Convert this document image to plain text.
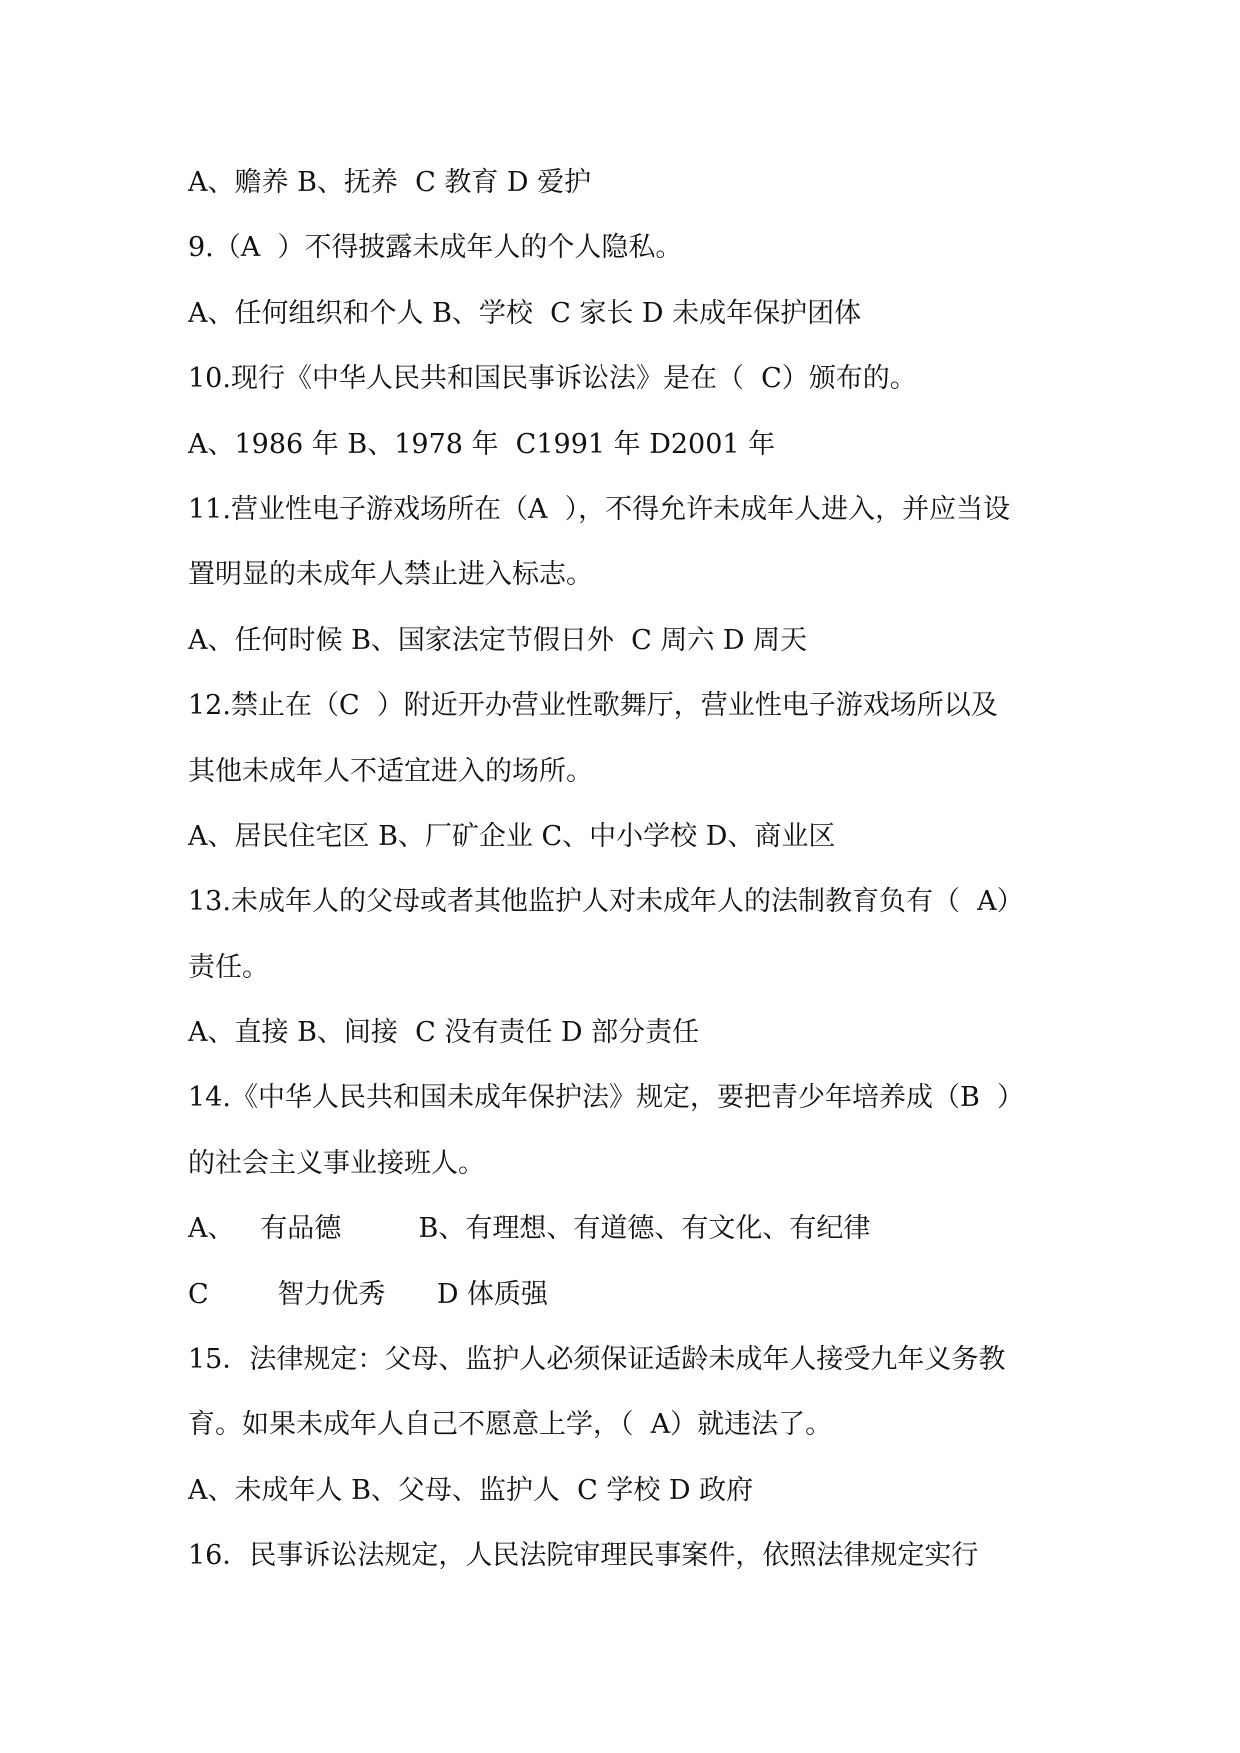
A、赡养 B、抚养  C 教育 D 爱护
9.（A  ）不得披露未成年人的个人隐私。
A、任何组织和个人 B、学校  C 家长 D 未成年保护团体
10.现行《中华人民共和国民事诉讼法》是在（  C）颁布的。
A、1986 年 B、1978 年  C1991 年 D2001 年
11.营业性电子游戏场所在（A  ），不得允许未成年人进入，并应当设
置明显的未成年人禁止进入标志。
A、任何时候 B、国家法定节假日外  C 周六 D 周天
12.禁止在（C  ）附近开办营业性歌舞厅，营业性电子游戏场所以及
其他未成年人不适宜进入的场所。
A、居民住宅区 B、厂矿企业 C、中小学校 D、商业区
13.未成年人的父母或者其他监护人对未成年人的法制教育负有（  A）
责任。
A、直接 B、间接  C 没有责任 D 部分责任
14.《中华人民共和国未成年保护法》规定，要把青少年培养成（B  ）
的社会主义事业接班人。
A、   有品德         B、有理想、有道德、有文化、有纪律
C        智力优秀      D 体质强
15．法律规定：父母、监护人必须保证适龄未成年人接受九年义务教
育。如果未成年人自己不愿意上学，（  A）就违法了。
A、未成年人 B、父母、监护人  C 学校 D 政府
16．民事诉讼法规定，人民法院审理民事案件，依照法律规定实行
